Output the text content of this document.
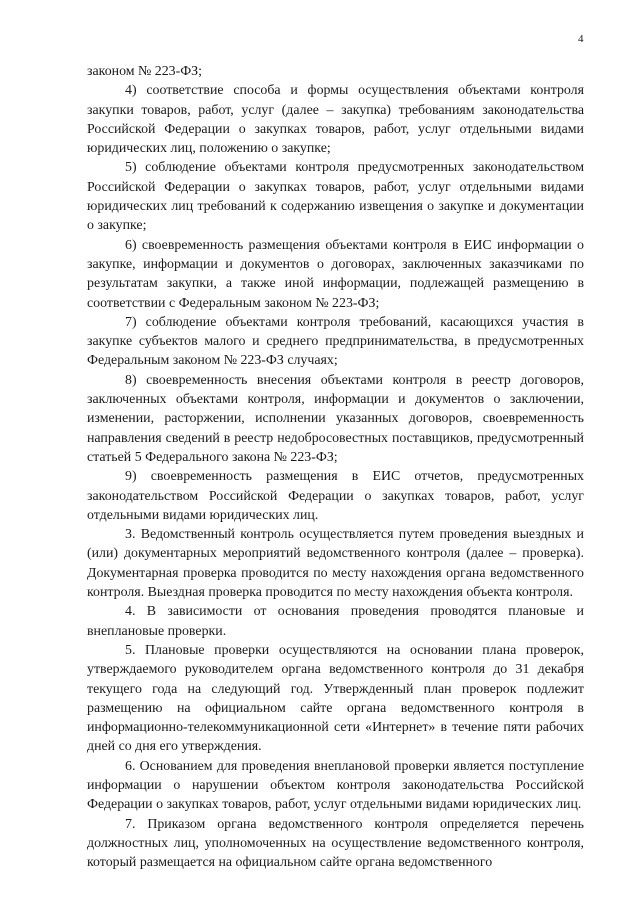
4

законом № 223-ФЗ;

4) соответствие способа и формы осуществления объектами контроля закупки товаров, работ, услуг (далее – закупка) требованиям законодательства Российской Федерации о закупках товаров, работ, услуг отдельными видами юридических лиц, положению о закупке;

5) соблюдение объектами контроля предусмотренных законодательством Российской Федерации о закупках товаров, работ, услуг отдельными видами юридических лиц требований к содержанию извещения о закупке и документации о закупке;

6) своевременность размещения объектами контроля в ЕИС информации о закупке, информации и документов о договорах, заключенных заказчиками по результатам закупки, а также иной информации, подлежащей размещению в соответствии с Федеральным законом № 223-ФЗ;

7) соблюдение объектами контроля требований, касающихся участия в закупке субъектов малого и среднего предпринимательства, в предусмотренных Федеральным законом № 223-ФЗ случаях;

8) своевременность внесения объектами контроля в реестр договоров, заключенных объектами контроля, информации и документов о заключении, изменении, расторжении, исполнении указанных договоров, своевременность направления сведений в реестр недобросовестных поставщиков, предусмотренный статьей 5 Федерального закона № 223-ФЗ;

9) своевременность размещения в ЕИС отчетов, предусмотренных законодательством Российской Федерации о закупках товаров, работ, услуг отдельными видами юридических лиц.

3. Ведомственный контроль осуществляется путем проведения выездных и (или) документарных мероприятий ведомственного контроля (далее – проверка). Документарная проверка проводится по месту нахождения органа ведомственного контроля. Выездная проверка проводится по месту нахождения объекта контроля.

4. В зависимости от основания проведения проводятся плановые и внеплановые проверки.

5. Плановые проверки осуществляются на основании плана проверок, утверждаемого руководителем органа ведомственного контроля до 31 декабря текущего года на следующий год. Утвержденный план проверок подлежит размещению на официальном сайте органа ведомственного контроля в информационно-телекоммуникационной сети «Интернет» в течение пяти рабочих дней со дня его утверждения.

6. Основанием для проведения внеплановой проверки является поступление информации о нарушении объектом контроля законодательства Российской Федерации о закупках товаров, работ, услуг отдельными видами юридических лиц.

7. Приказом органа ведомственного контроля определяется перечень должностных лиц, уполномоченных на осуществление ведомственного контроля, который размещается на официальном сайте органа ведомственного
